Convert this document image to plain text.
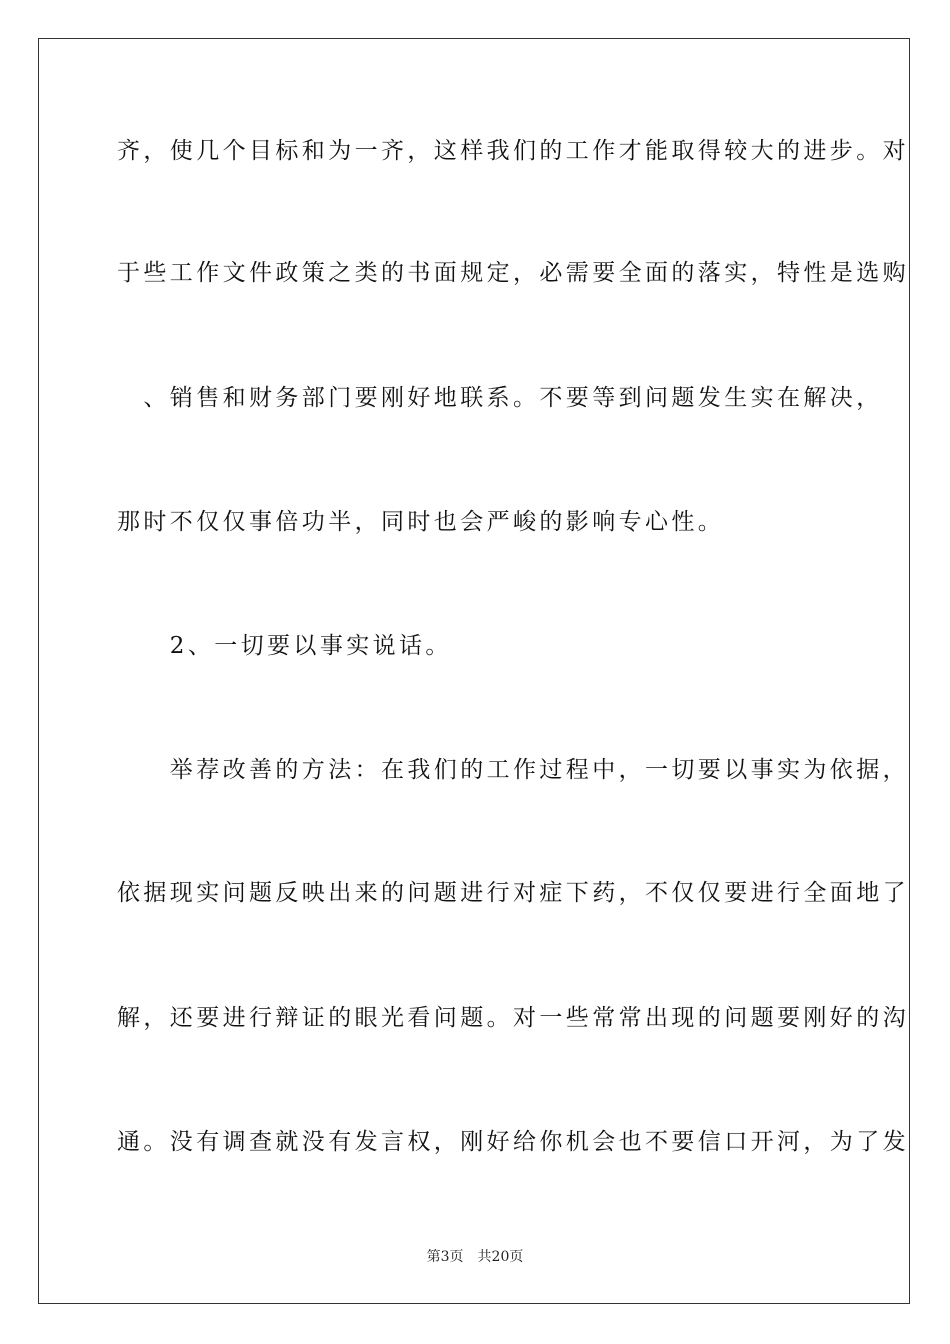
齐，使几个目标和为一齐，这样我们的工作才能取得较大的进步。对
于些工作文件政策之类的书面规定，必需要全面的落实，特性是选购
　、销售和财务部门要刚好地联系。不要等到问题发生实在解决，
那时不仅仅事倍功半，同时也会严峻的影响专心性。
　　2、一切要以事实说话。
　　举荐改善的方法：在我们的工作过程中，一切要以事实为依据，
依据现实问题反映出来的问题进行对症下药，不仅仅要进行全面地了
解，还要进行辩证的眼光看问题。对一些常常出现的问题要刚好的沟
通。没有调查就没有发言权，刚好给你机会也不要信口开河，为了发
第3页 共20页
